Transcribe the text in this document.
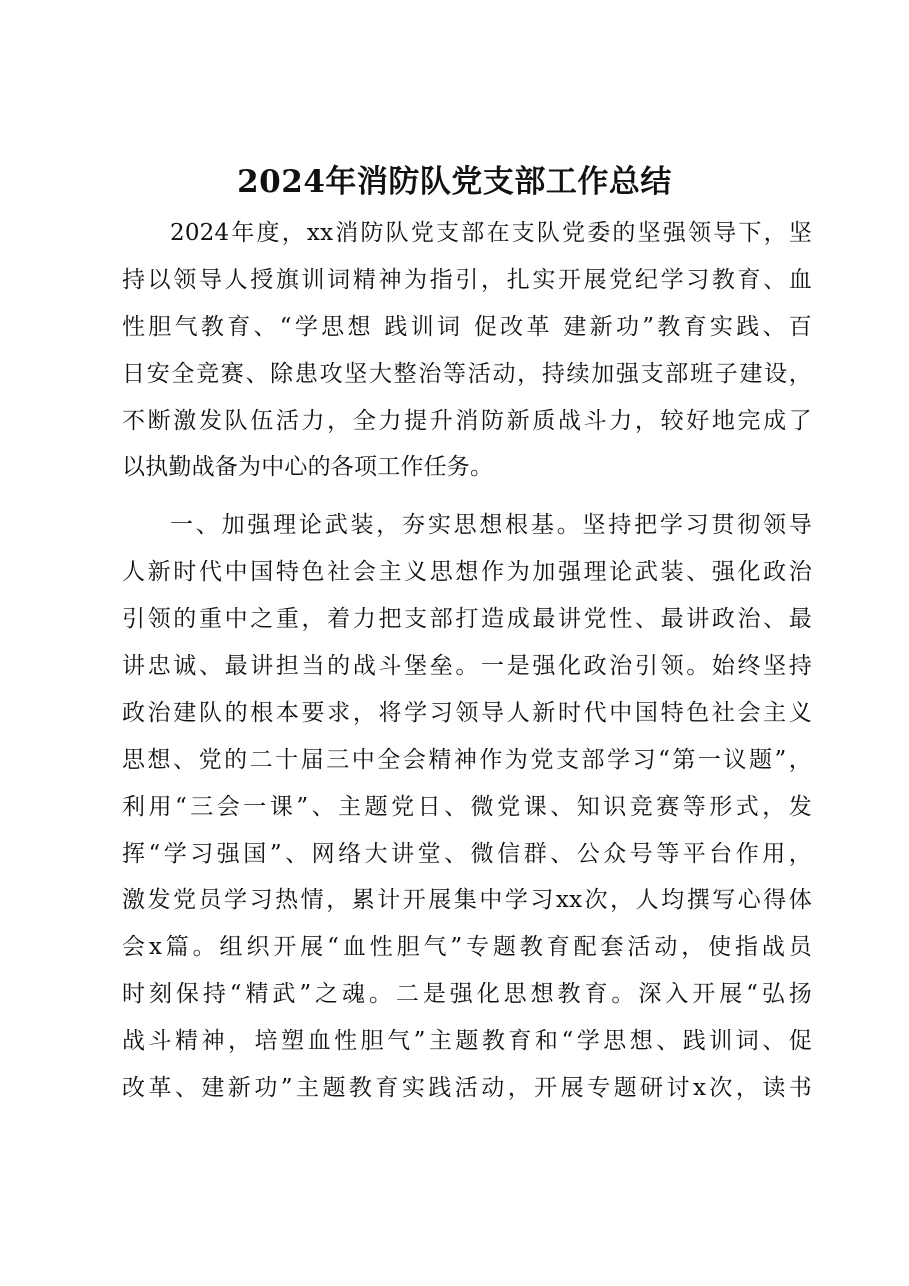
2024年消防队党支部工作总结
2024年度，xx消防队党支部在支队党委的坚强领导下，坚
持以领导人授旗训词精神为指引，扎实开展党纪学习教育、血
性胆气教育、“学思想 践训词 促改革 建新功”教育实践、百
日安全竞赛、除患攻坚大整治等活动，持续加强支部班子建设，
不断激发队伍活力，全力提升消防新质战斗力，较好地完成了
以执勤战备为中心的各项工作任务。
一、加强理论武装，夯实思想根基。坚持把学习贯彻领导
人新时代中国特色社会主义思想作为加强理论武装、强化政治
引领的重中之重，着力把支部打造成最讲党性、最讲政治、最
讲忠诚、最讲担当的战斗堡垒。一是强化政治引领。始终坚持
政治建队的根本要求，将学习领导人新时代中国特色社会主义
思想、党的二十届三中全会精神作为党支部学习“第一议题”，
利用“三会一课”、主题党日、微党课、知识竞赛等形式，发
挥“学习强国”、网络大讲堂、微信群、公众号等平台作用，
激发党员学习热情，累计开展集中学习xx次，人均撰写心得体
会x篇。组织开展“血性胆气”专题教育配套活动，使指战员
时刻保持“精武”之魂。二是强化思想教育。深入开展“弘扬
战斗精神，培塑血性胆气”主题教育和“学思想、践训词、促
改革、建新功”主题教育实践活动，开展专题研讨x次，读书
